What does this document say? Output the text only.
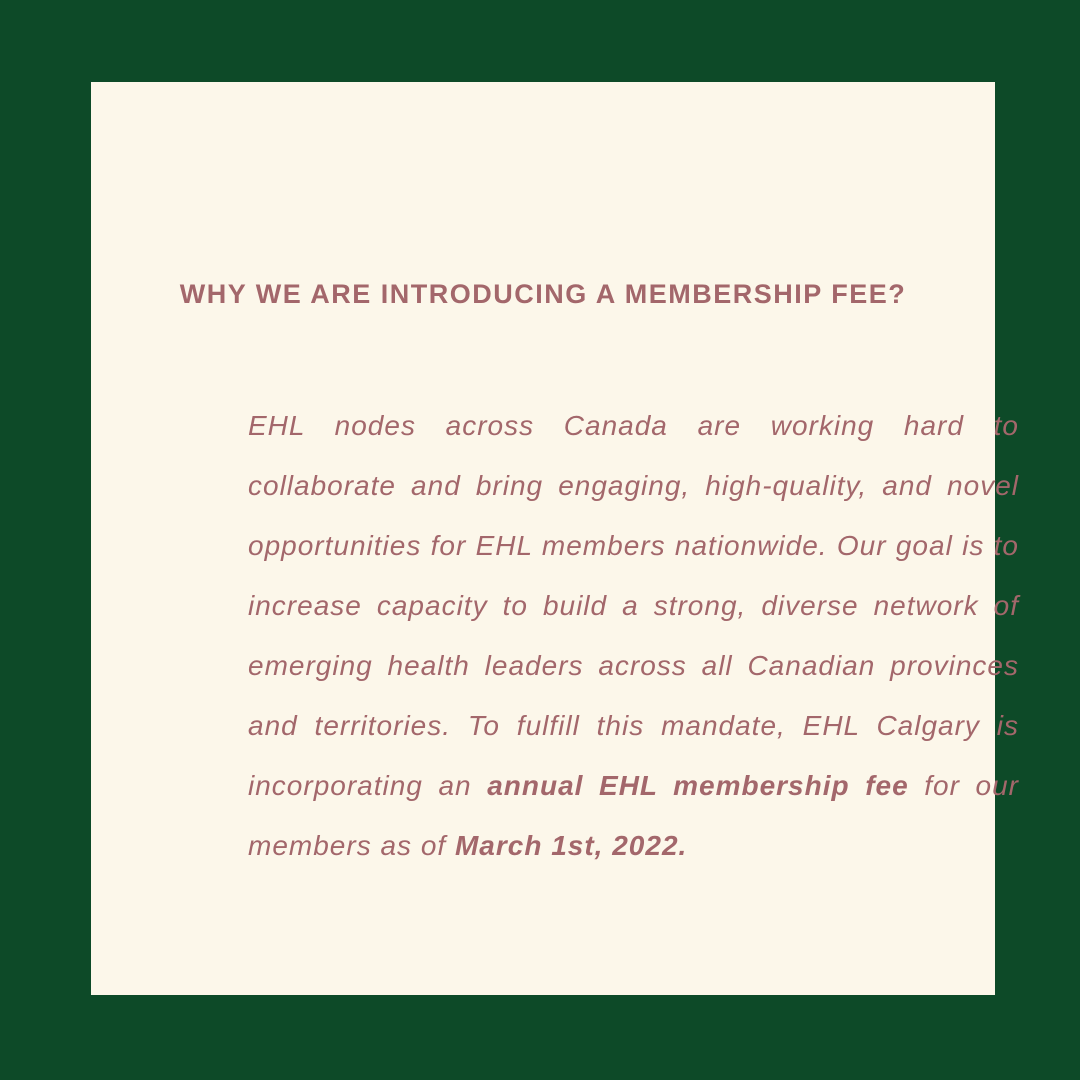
WHY WE ARE INTRODUCING A MEMBERSHIP FEE?

EHL nodes across Canada are working hard to collaborate and bring engaging, high-quality, and novel opportunities for EHL members nationwide. Our goal is to increase capacity to build a strong, diverse network of emerging health leaders across all Canadian provinces and territories. To fulfill this mandate, EHL Calgary is incorporating an annual EHL membership fee for our members as of March 1st, 2022.
